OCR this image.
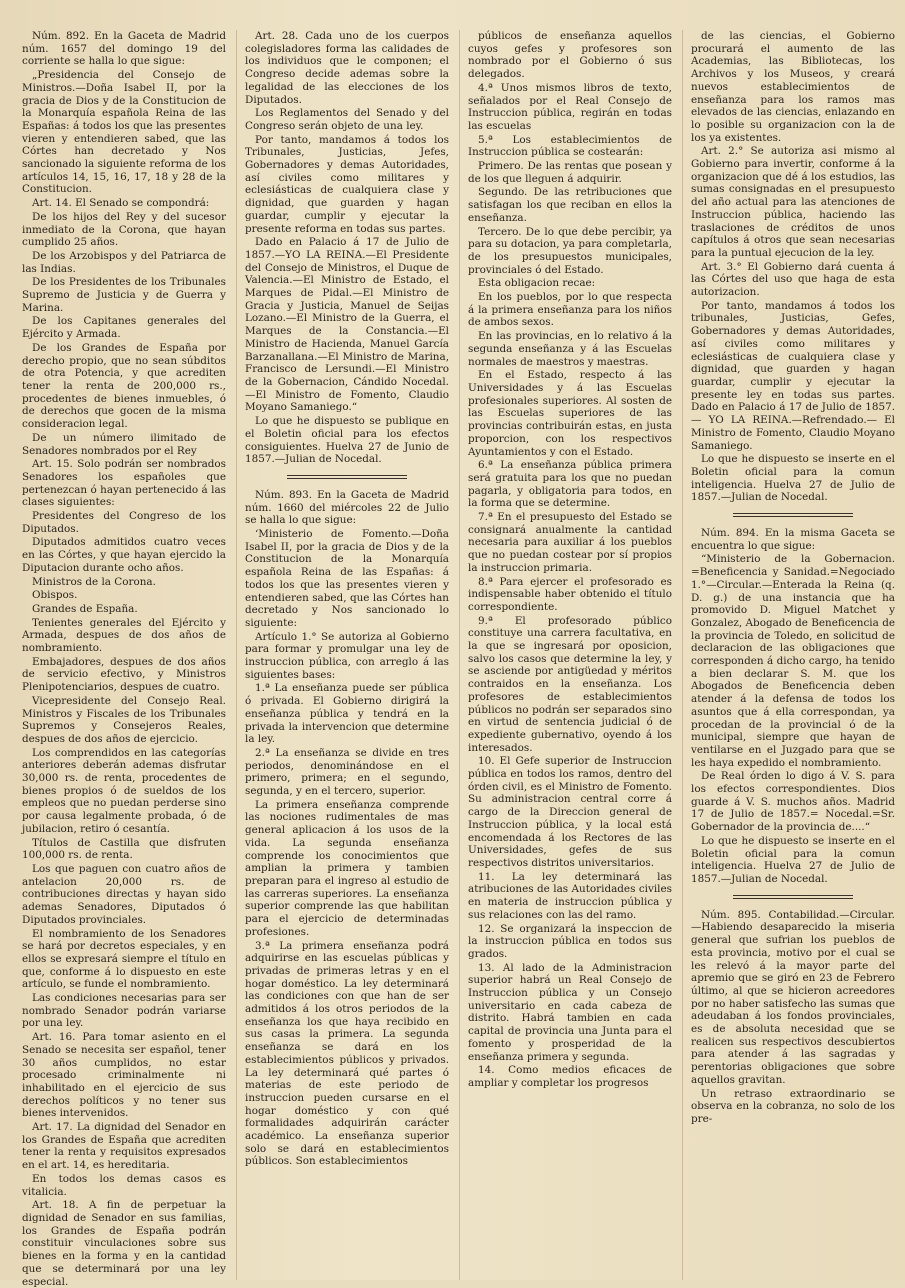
Núm. 892. En la Gaceta de Madrid núm. 1657 del domingo 19 del corriente se halla lo que sigue:

„Presidencia del Consejo de Ministros.—Doña Isabel II, por la gracia de Dios y de la Constitucion de la Monarquía española Reina de las Españas: á todos los que las presentes vieren y entendieren sabed, que las Córtes han decretado y Nos sancionado la siguiente reforma de los artículos 14, 15, 16, 17, 18 y 28 de la Constitucion.

Art. 14. El Senado se compondrá:

De los hijos del Rey y del sucesor inmediato de la Corona, que hayan cumplido 25 años.

De los Arzobispos y del Patriarca de las Indias.

De los Presidentes de los Tribunales Supremo de Justicia y de Guerra y Marina.

De los Capitanes generales del Ejército y Armada.

De los Grandes de España por derecho propio, que no sean súbditos de otra Potencia, y que acrediten tener la renta de 200,000 rs., procedentes de bienes inmuebles, ó de derechos que gocen de la misma consideracion legal.

De un número ilimitado de Senadores nombrados por el Rey

Art. 15. Solo podrán ser nombrados Senadores los españoles que pertenezcan ó hayan pertenecido á las clases siguientes:

Presidentes del Congreso de los Diputados.

Diputados admitidos cuatro veces en las Córtes, y que hayan ejercido la Diputacion durante ocho años.

Ministros de la Corona.

Obispos.

Grandes de España.

Tenientes generales del Ejército y Armada, despues de dos años de nombramiento.

Embajadores, despues de dos años de servicio efectivo, y Ministros Plenipotenciarios, despues de cuatro.

Vicepresidente del Consejo Real. Ministros y Fiscales de los Tribunales Supremos y Consejeros Reales, despues de dos años de ejercicio.

Los comprendidos en las categorías anteriores deberán ademas disfrutar 30,000 rs. de renta, procedentes de bienes propios ó de sueldos de los empleos que no puedan perderse sino por causa legalmente probada, ó de jubilacion, retiro ó cesantía.

Títulos de Castilla que disfruten 100,000 rs. de renta.

Los que paguen con cuatro años de antelacion 20,000 rs. de contribuciones directas y hayan sido ademas Senadores, Diputados ó Diputados provinciales.

El nombramiento de los Senadores se hará por decretos especiales, y en ellos se expresará siempre el título en que, conforme á lo dispuesto en este artículo, se funde el nombramiento.

Las condiciones necesarias para ser nombrado Senador podrán variarse por una ley.

Art. 16. Para tomar asiento en el Senado se necesita ser español, tener 30 años cumplidos, no estar procesado criminalmente ni inhabilitado en el ejercicio de sus derechos políticos y no tener sus bienes intervenidos.

Art. 17. La dignidad del Senador en los Grandes de España que acrediten tener la renta y requisitos expresados en el art. 14, es hereditaria.

En todos los demas casos es vitalicia.

Art. 18. A fin de perpetuar la dignidad de Senador en sus familias, los Grandes de España podrán constituir vinculaciones sobre sus bienes en la forma y en la cantidad que se determinará por una ley especial.

Art. 28. Cada uno de los cuerpos colegisladores forma las calidades de los individuos que le componen; el Congreso decide ademas sobre la legalidad de las elecciones de los Diputados.

Los Reglamentos del Senado y del Congreso serán objeto de una ley.

Por tanto, mandamos á todos los Tribunales, Justicias, Jefes, Gobernadores y demas Autoridades, así civiles como militares y eclesiásticas de cualquiera clase y dignidad, que guarden y hagan guardar, cumplir y ejecutar la presente reforma en todas sus partes.

Dado en Palacio á 17 de Julio de 1857.—YO LA REINA.—El Presidente del Consejo de Ministros, el Duque de Valencia.—El Ministro de Estado, el Marques de Pidal.—El Ministro de Gracia y Justicia, Manuel de Seijas Lozano.—El Ministro de la Guerra, el Marques de la Constancia.—El Ministro de Hacienda, Manuel García Barzanallana.—El Ministro de Marina, Francisco de Lersundi.—El Ministro de la Gobernacion, Cándido Nocedal.—El Ministro de Fomento, Claudio Moyano Samaniego.“

Lo que he dispuesto se publique en el Boletin oficial para los efectos consiguientes. Huelva 27 de Junio de 1857.—Julian de Nocedal.

Núm. 893. En la Gaceta de Madrid núm. 1660 del miércoles 22 de Julio se halla lo que sigue:

‘Ministerio de Fomento.—Doña Isabel II, por la gracia de Dios y de la Constitucion de la Monarquía española Reina de las Españas: á todos los que las presentes vieren y entendieren sabed, que las Córtes han decretado y Nos sancionado lo siguiente:

Artículo 1.° Se autoriza al Gobierno para formar y promulgar una ley de instruccion pública, con arreglo á las siguientes bases:

1.ª La enseñanza puede ser pública ó privada. El Gobierno dirigirá la enseñanza pública y tendrá en la privada la intervencion que determine la ley.

2.ª La enseñanza se divide en tres periodos, denominándose en el primero, primera; en el segundo, segunda, y en el tercero, superior.

La primera enseñanza comprende las nociones rudimentales de mas general aplicacion á los usos de la vida. La segunda enseñanza comprende los conocimientos que amplian la primera y tambien preparan para el ingreso al estudio de las carreras superiores. La enseñanza superior comprende las que habilitan para el ejercicio de determinadas profesiones.

3.ª La primera enseñanza podrá adquirirse en las escuelas públicas y privadas de primeras letras y en el hogar doméstico. La ley determinará las condiciones con que han de ser admitidos á los otros periodos de la enseñanza los que haya recibido en sus casas la primera. La segunda enseñanza se dará en los establecimientos públicos y privados. La ley determinará qué partes ó materias de este periodo de instruccion pueden cursarse en el hogar doméstico y con qué formalidades adquirirán carácter académico. La enseñanza superior solo se dará en establecimientos públicos. Son establecimientos

públicos de enseñanza aquellos cuyos gefes y profesores son nombrado por el Gobierno ó sus delegados.

4.ª Unos mismos libros de texto, señalados por el Real Consejo de Instruccion pública, regirán en todas las escuelas

5.ª Los establecimientos de Instruccion pública se costearán:

Primero. De las rentas que posean y de los que lleguen á adquirir.

Segundo. De las retribuciones que satisfagan los que reciban en ellos la enseñanza.

Tercero. De lo que debe percibir, ya para su dotacion, ya para completarla, de los presupuestos municipales, provinciales ó del Estado.

Esta obligacion recae:

En los pueblos, por lo que respecta á la primera enseñanza para los niños de ambos sexos.

En las provincias, en lo relativo á la segunda enseñanza y á las Escuelas normales de maestros y maestras.

En el Estado, respecto á las Universidades y á las Escuelas profesionales superiores. Al sosten de las Escuelas superiores de las provincias contribuirán estas, en justa proporcion, con los respectivos Ayuntamientos y con el Estado.

6.ª La enseñanza pública primera será gratuita para los que no puedan pagarla, y obligatoria para todos, en la forma que se determine.

7.ª En el presupuesto del Estado se consignará anualmente la cantidad necesaria para auxiliar á los pueblos que no puedan costear por sí propios la instruccion primaria.

8.ª Para ejercer el profesorado es indispensable haber obtenido el título correspondiente.

9.ª El profesorado público constituye una carrera facultativa, en la que se ingresará por oposicion, salvo los casos que determine la ley, y se asciende por antigüedad y méritos contraidos en la enseñanza. Los profesores de establecimientos públicos no podrán ser separados sino en virtud de sentencia judicial ó de expediente gubernativo, oyendo á los interesados.

10. El Gefe superior de Instruccion pública en todos los ramos, dentro del órden civil, es el Ministro de Fomento. Su administracion central corre á cargo de la Direccion general de Instruccion pública, y la local está encomendada á los Rectores de las Universidades, gefes de sus respectivos distritos universitarios.

11. La ley determinará las atribuciones de las Autoridades civiles en materia de instruccion pública y sus relaciones con las del ramo.

12. Se organizará la inspeccion de la instruccion pública en todos sus grados.

13. Al lado de la Administracion superior habrá un Real Consejo de Instruccion pública y un Consejo universitario en cada cabeza de distrito. Habrá tambien en cada capital de provincia una Junta para el fomento y prosperidad de la enseñanza primera y segunda.

14. Como medios eficaces de ampliar y completar los progresos

de las ciencias, el Gobierno procurará el aumento de las Academias, las Bibliotecas, los Archivos y los Museos, y creará nuevos establecimientos de enseñanza para los ramos mas elevados de las ciencias, enlazando en lo posible su organizacion con la de los ya existentes.

Art. 2.° Se autoriza asi mismo al Gobierno para invertir, conforme á la organizacion que dé á los estudios, las sumas consignadas en el presupuesto del año actual para las atenciones de Instruccion pública, haciendo las traslaciones de créditos de unos capítulos á otros que sean necesarias para la puntual ejecucion de la ley.

Art. 3.° El Gobierno dará cuenta á las Córtes del uso que haga de esta autorizacion.

Por tanto, mandamos á todos los tribunales, Justicias, Gefes, Gobernadores y demas Autoridades, así civiles como militares y eclesiásticas de cualquiera clase y dignidad, que guarden y hagan guardar, cumplir y ejecutar la presente ley en todas sus partes. Dado en Palacio á 17 de Julio de 1857.— YO LA REINA.—Refrendado.— El Ministro de Fomento, Claudio Moyano Samaniego.

Lo que he dispuesto se inserte en el Boletin oficial para la comun inteligencia. Huelva 27 de Julio de 1857.—Julian de Nocedal.

Núm. 894. En la misma Gaceta se encuentra lo que sigue:

“Ministerio de la Gobernacion. =Beneficencia y Sanidad.=Negociado 1.°—Circular.—Enterada la Reina (q. D. g.) de una instancia que ha promovido D. Miguel Matchet y Gonzalez, Abogado de Beneficencia de la provincia de Toledo, en solicitud de declaracion de las obligaciones que corresponden á dicho cargo, ha tenido a bien declarar S. M. que los Abogados de Beneficencia deben atender á la defensa de todos los asuntos que á ella correspondan, ya procedan de la provincial ó de la municipal, siempre que hayan de ventilarse en el Juzgado para que se les haya expedido el nombramiento.

De Real órden lo digo á V. S. para los efectos correspondientes. Dios guarde á V. S. muchos años. Madrid 17 de Julio de 1857.= Nocedal.=Sr. Gobernador de la provincia de....“

Lo que he dispuesto se inserte en el Boletin oficial para la comun inteligencia. Huelva 27 de Julio de 1857.—Julian de Nocedal.

Núm. 895. Contabilidad.—Circular.—Habiendo desaparecido la miseria general que sufrian los pueblos de esta provincia, motivo por el cual se les relevó á la mayor parte del apremio que se giró en 23 de Febrero último, al que se hicieron acreedores por no haber satisfecho las sumas que adeudaban á los fondos provinciales, es de absoluta necesidad que se realicen sus respectivos descubiertos para atender á las sagradas y perentorias obligaciones que sobre aquellos gravitan.

Un retraso extraordinario se observa en la cobranza, no solo de los pre-
